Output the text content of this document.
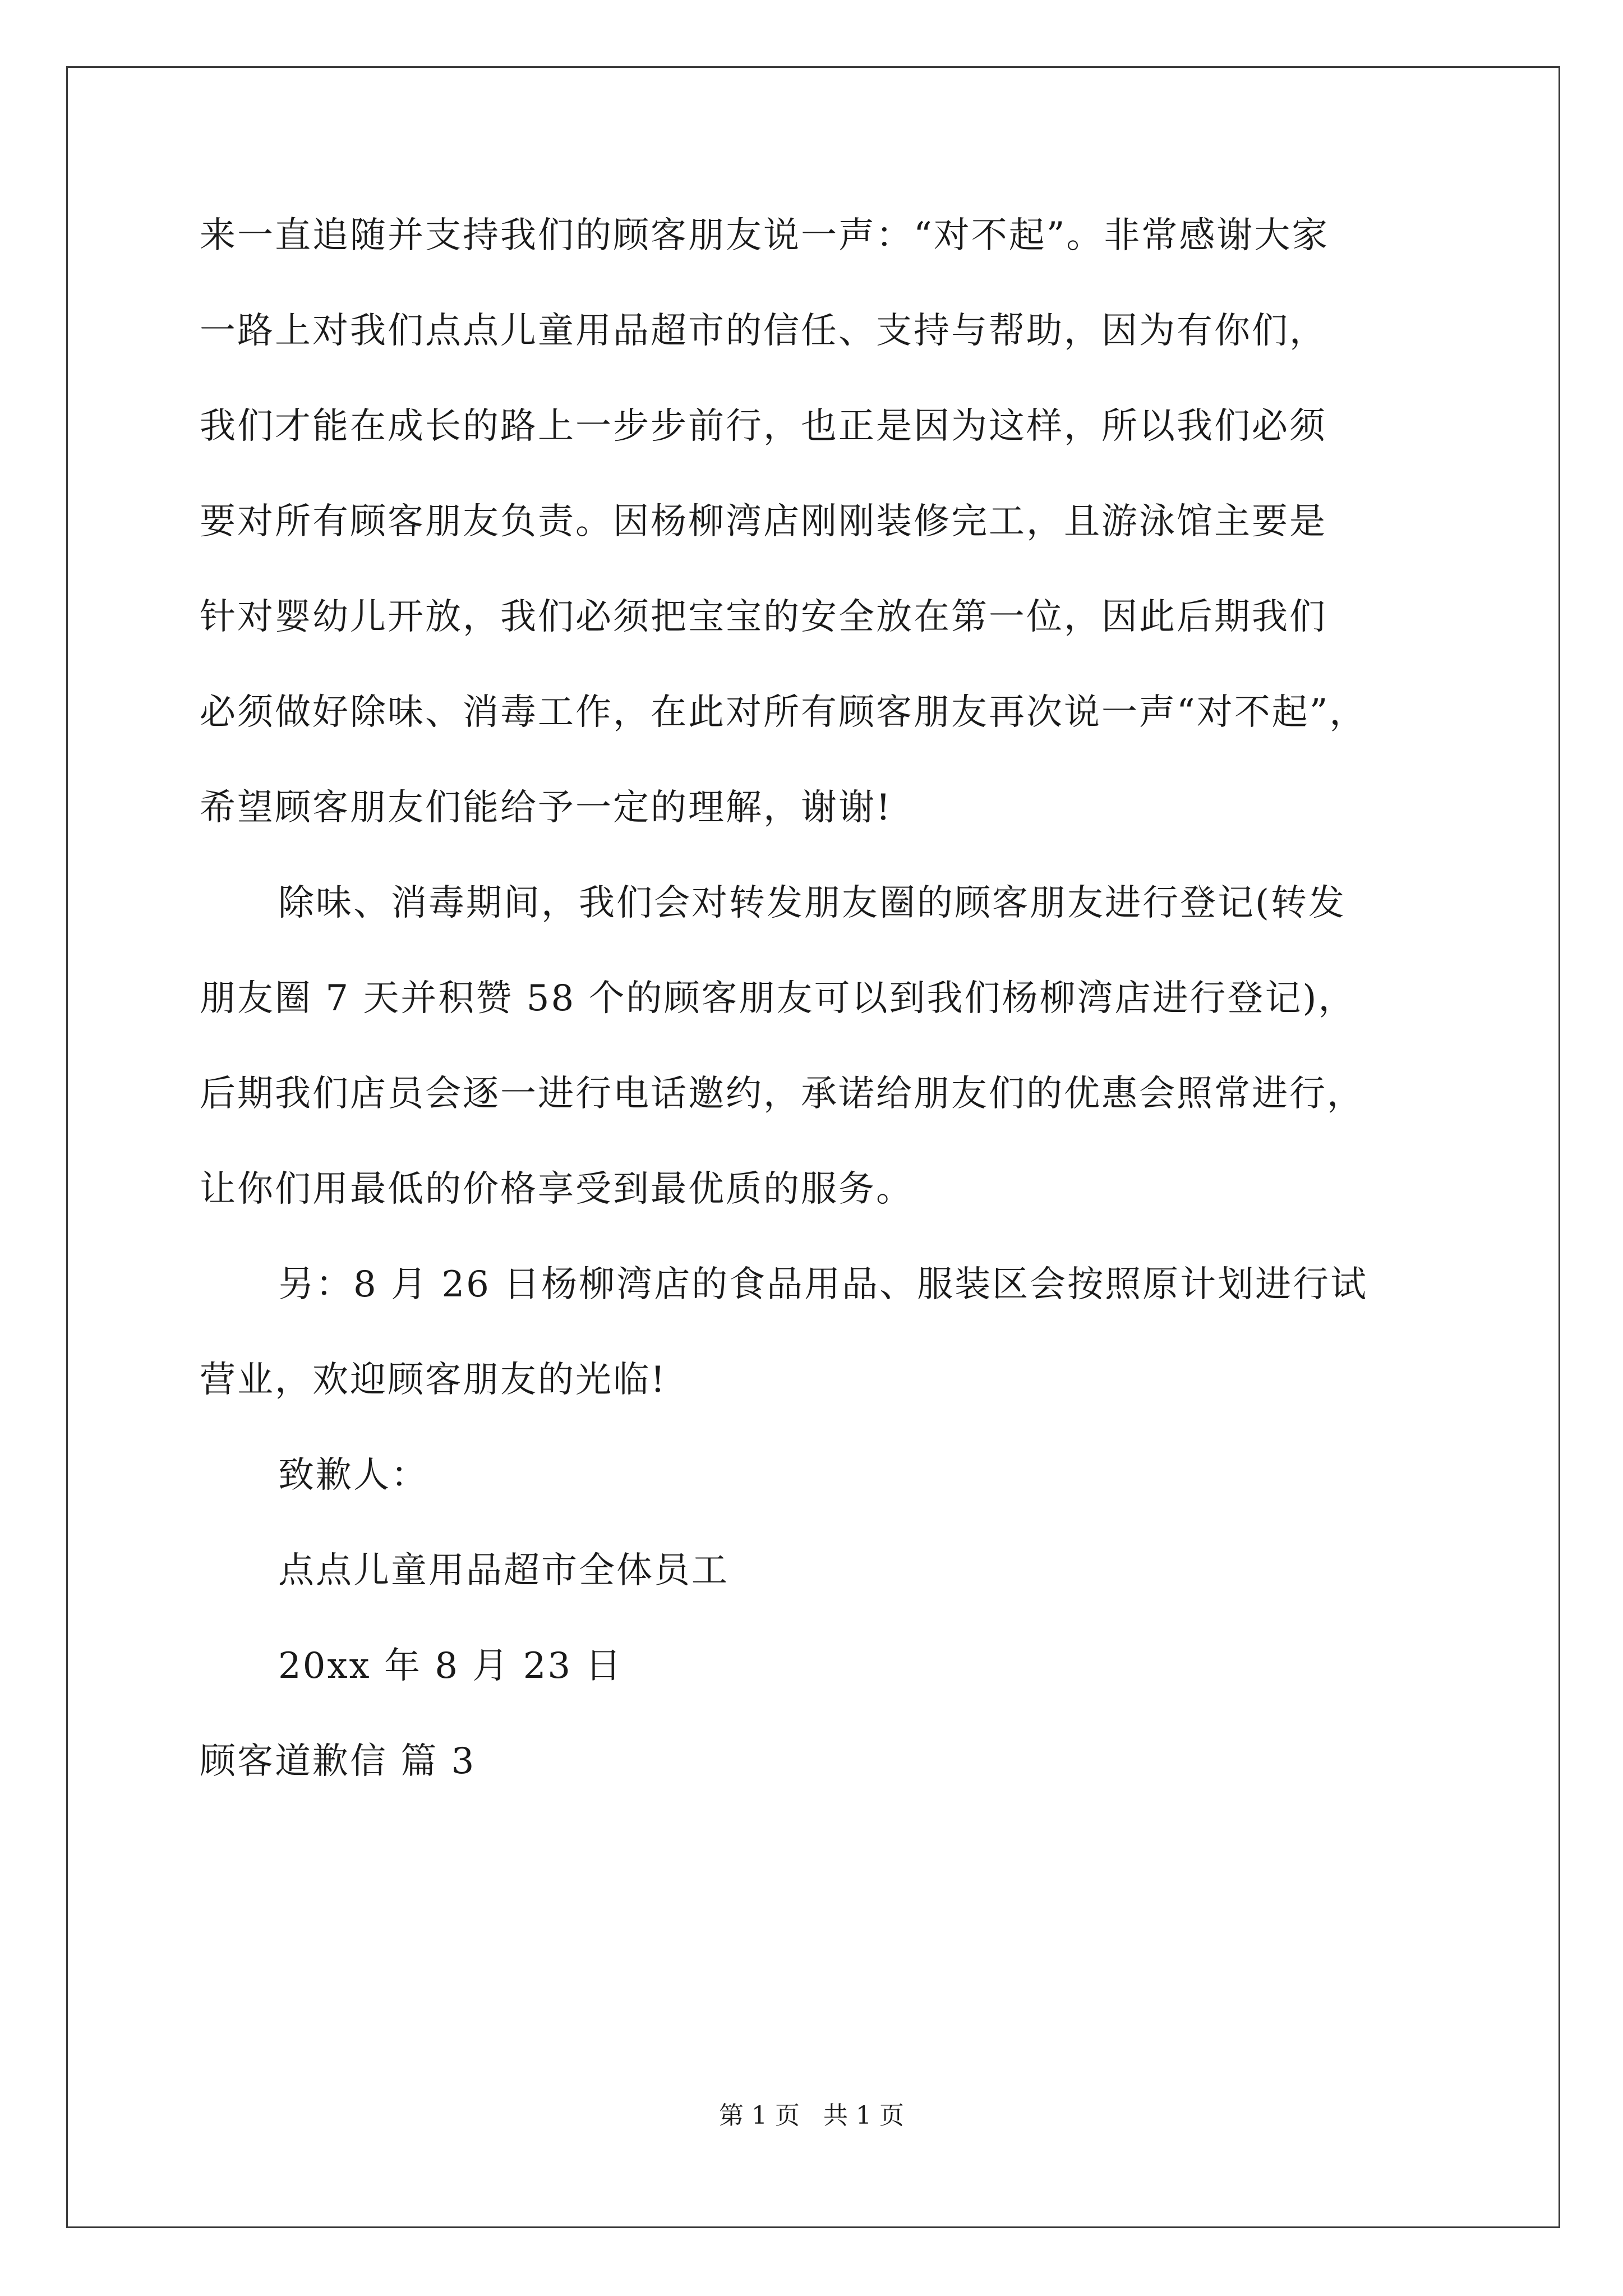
来一直追随并支持我们的顾客朋友说一声：“对不起”。非常感谢大家
一路上对我们点点儿童用品超市的信任、支持与帮助，因为有你们，
我们才能在成长的路上一步步前行，也正是因为这样，所以我们必须
要对所有顾客朋友负责。因杨柳湾店刚刚装修完工，且游泳馆主要是
针对婴幼儿开放，我们必须把宝宝的安全放在第一位，因此后期我们
必须做好除味、消毒工作，在此对所有顾客朋友再次说一声“对不起”，
希望顾客朋友们能给予一定的理解，谢谢!
除味、消毒期间，我们会对转发朋友圈的顾客朋友进行登记(转发
朋友圈 7 天并积赞 58 个的顾客朋友可以到我们杨柳湾店进行登记)，
后期我们店员会逐一进行电话邀约，承诺给朋友们的优惠会照常进行，
让你们用最低的价格享受到最优质的服务。
另：8 月 26 日杨柳湾店的食品用品、服装区会按照原计划进行试
营业，欢迎顾客朋友的光临!
致歉人：
点点儿童用品超市全体员工
20xx 年 8 月 23 日
顾客道歉信 篇 3
第 1 页   共 1 页
